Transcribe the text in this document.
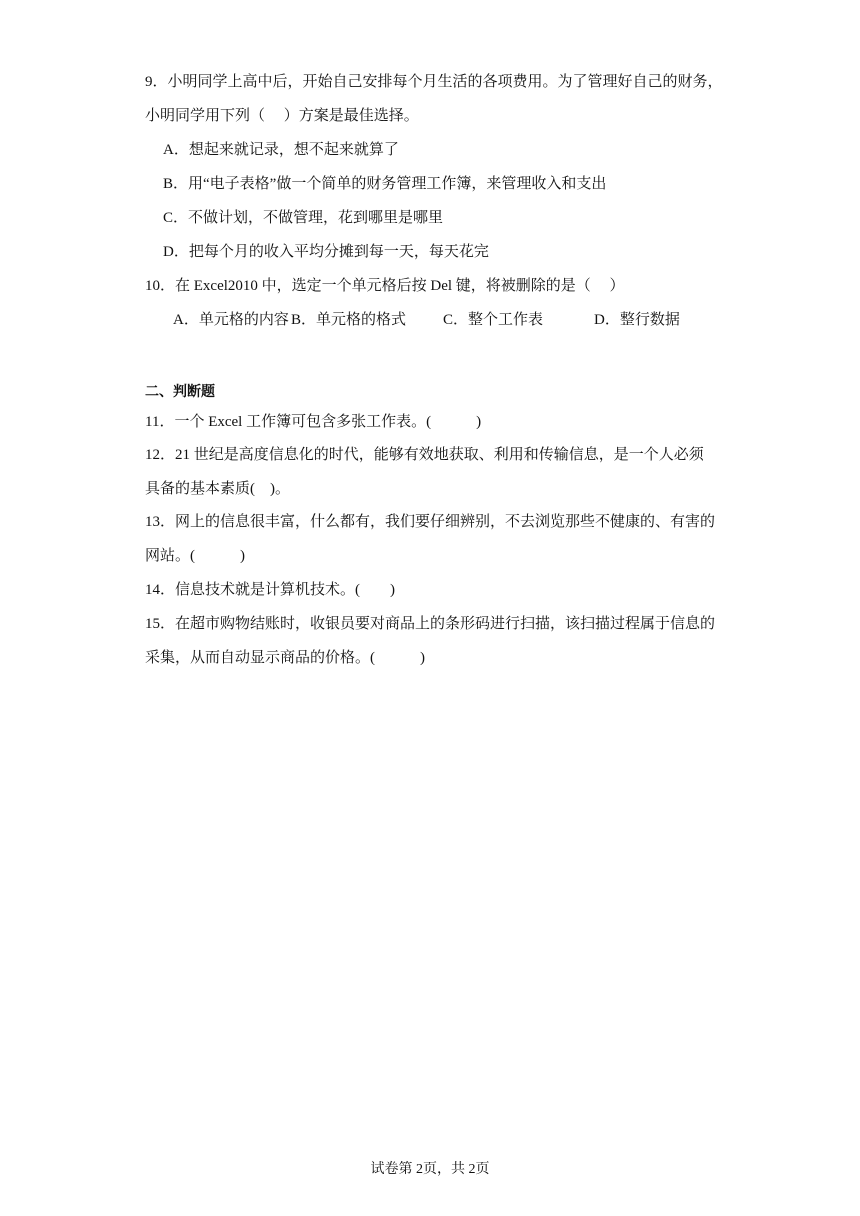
9．小明同学上高中后，开始自己安排每个月生活的各项费用。为了管理好自己的财务，
小明同学用下列（　 ）方案是最佳选择。
A．想起来就记录，想不起来就算了
B．用“电子表格”做一个简单的财务管理工作簿，来管理收入和支出
C．不做计划，不做管理，花到哪里是哪里
D．把每个月的收入平均分摊到每一天，每天花完
10．在 Excel2010 中，选定一个单元格后按 Del 键，将被删除的是（　 ）
A．单元格的内容 B．单元格的格式 C．整个工作表	D．整行数据
二、判断题
11．一个 Excel 工作簿可包含多张工作表。(　　　)
12．21 世纪是高度信息化的时代，能够有效地获取、利用和传输信息，是一个人必须
具备的基本素质(　)。
13．网上的信息很丰富，什么都有，我们要仔细辨别，不去浏览那些不健康的、有害的
网站。(　　　)
14．信息技术就是计算机技术。(　　)
15．在超市购物结账时，收银员要对商品上的条形码进行扫描，该扫描过程属于信息的
采集，从而自动显示商品的价格。(　　　)
试卷第 2页，共 2页
